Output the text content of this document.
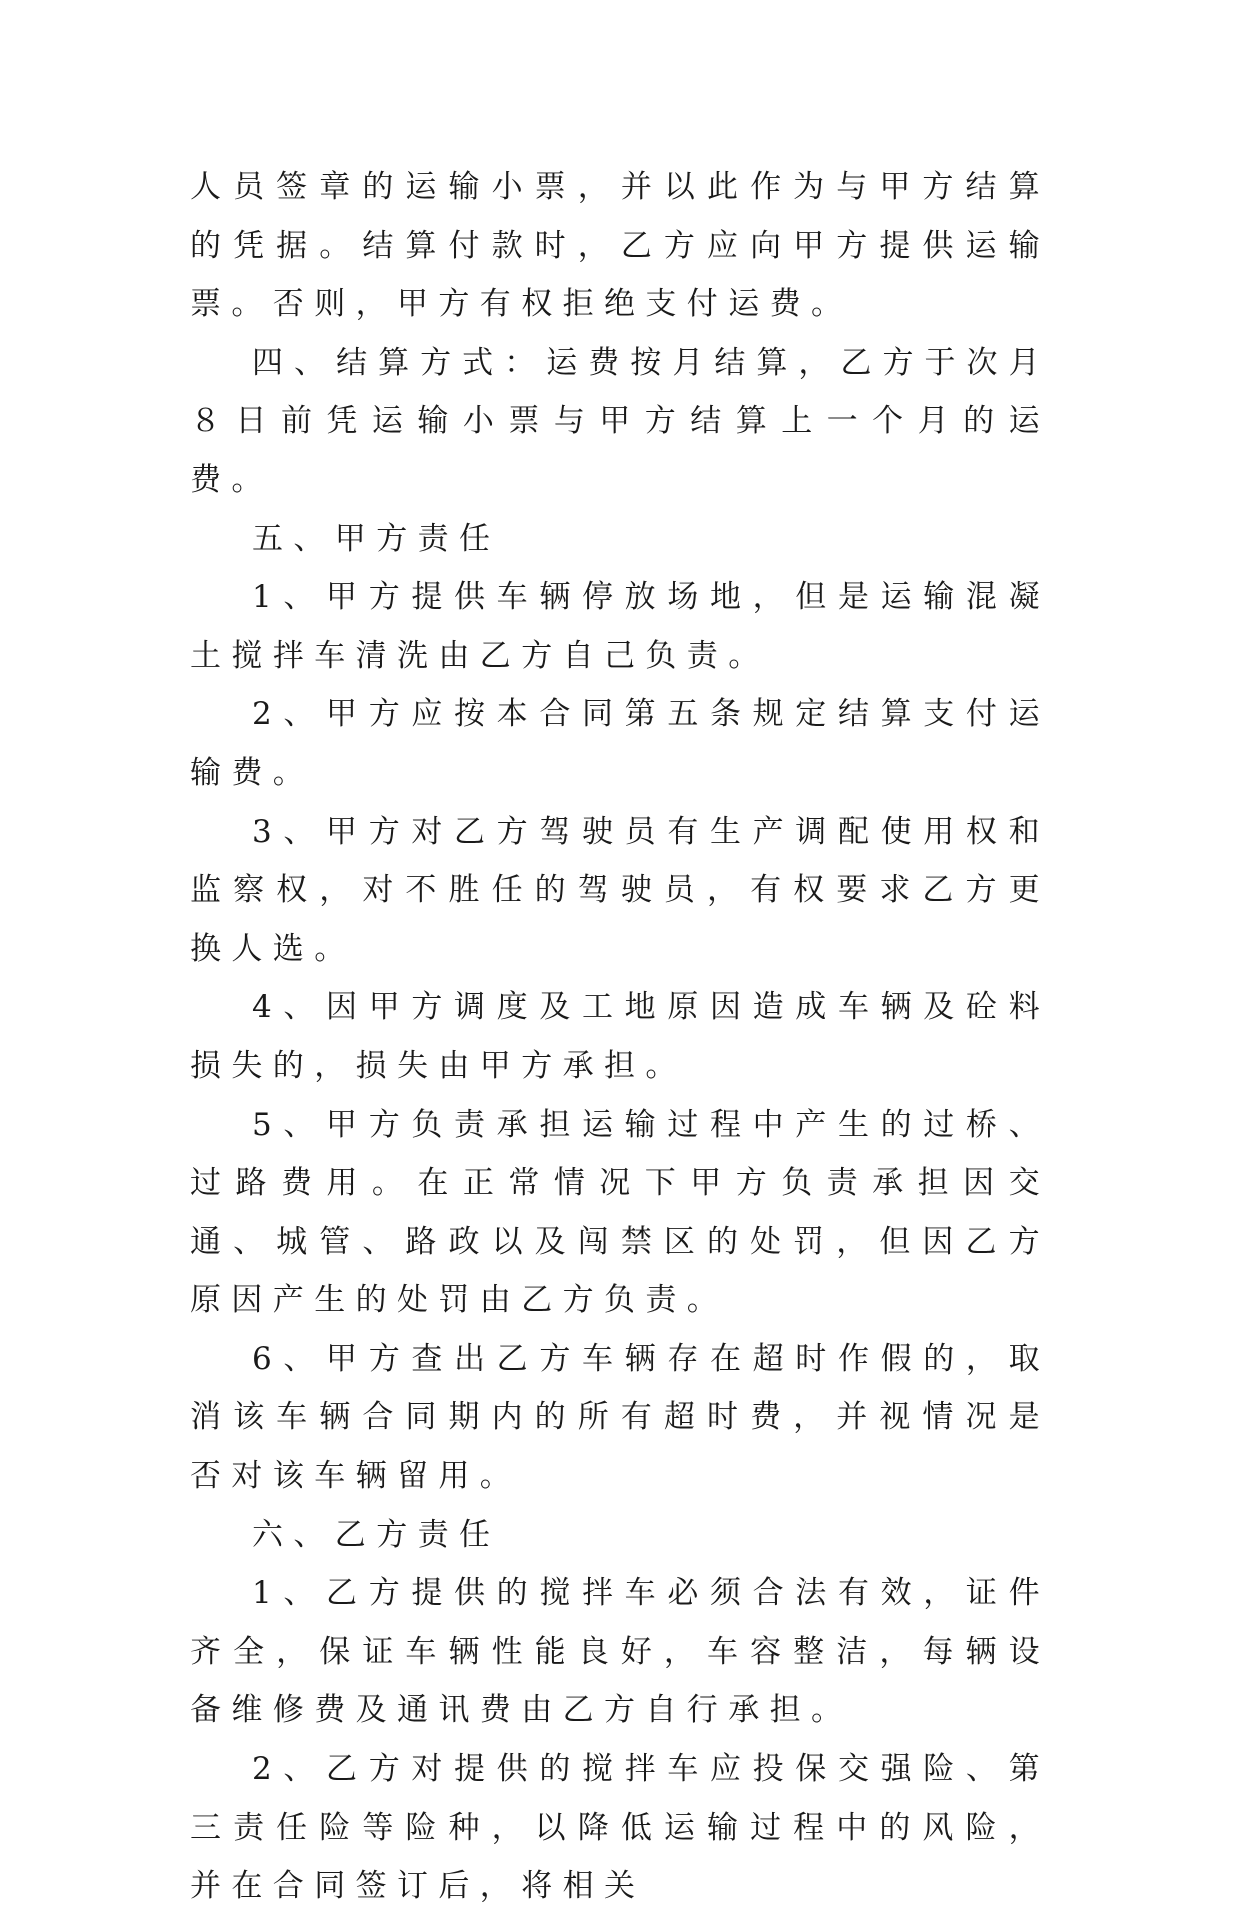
人员签章的运输小票，并以此作为与甲方结算的凭据。结算付款时，乙方应向甲方提供运输票。否则，甲方有权拒绝支付运费。

四、结算方式：运费按月结算，乙方于次月８日前凭运输小票与甲方结算上一个月的运费。

五、甲方责任

1、甲方提供车辆停放场地，但是运输混凝土搅拌车清洗由乙方自己负责。

2、甲方应按本合同第五条规定结算支付运输费。

3、甲方对乙方驾驶员有生产调配使用权和监察权，对不胜任的驾驶员，有权要求乙方更换人选。

4、因甲方调度及工地原因造成车辆及砼料损失的，损失由甲方承担。

5、甲方负责承担运输过程中产生的过桥、过路费用。在正常情况下甲方负责承担因交通、城管、路政以及闯禁区的处罚，但因乙方原因产生的处罚由乙方负责。

6、甲方查出乙方车辆存在超时作假的，取消该车辆合同期内的所有超时费，并视情况是否对该车辆留用。

六、乙方责任

1、乙方提供的搅拌车必须合法有效，证件齐全，保证车辆性能良好，车容整洁，每辆设备维修费及通讯费由乙方自行承担。

2、乙方对提供的搅拌车应投保交强险、第三责任险等险种，以降低运输过程中的风险，并在合同签订后，将相关
